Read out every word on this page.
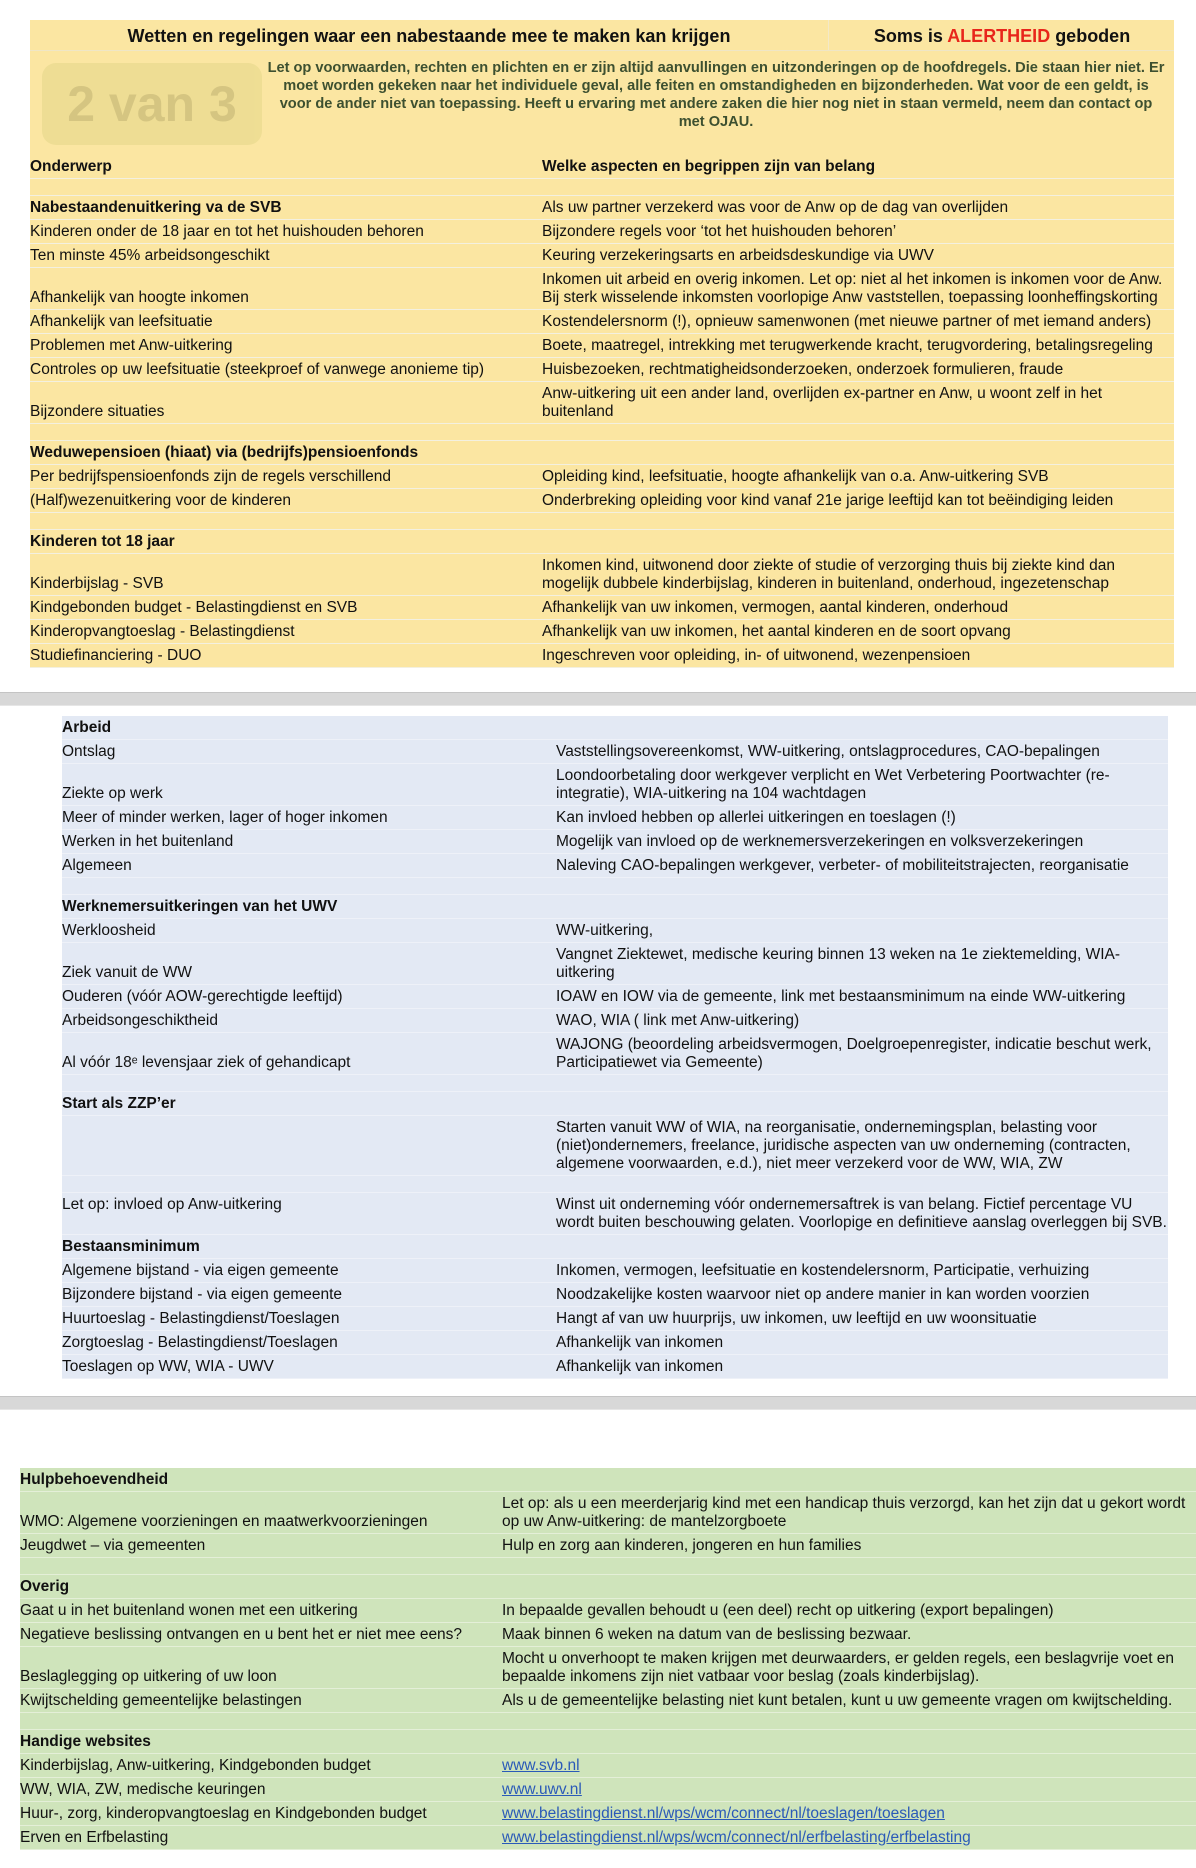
Wetten en regelingen waar een nabestaande mee te maken kan krijgen	Soms is ALERTHEID geboden
Let op voorwaarden, rechten en plichten en er zijn altijd aanvullingen en uitzonderingen op de hoofdregels. Die staan hier niet. Er moet worden gekeken naar het individuele geval, alle feiten en omstandigheden en bijzonderheden. Wat voor de een geldt, is voor de ander niet van toepassing. Heeft u ervaring met andere zaken die hier nog niet in staan vermeld, neem dan contact op met OJAU.
2 van 3
Onderwerp	Welke aspecten en begrippen zijn van belang

Nabestaandenuitkering va de SVB	Als uw partner verzekerd was voor de Anw op de dag van overlijden
Kinderen onder de 18 jaar en tot het huishouden behoren	Bijzondere regels voor ‘tot het huishouden behoren’
Ten minste 45% arbeidsongeschikt	Keuring verzekeringsarts en arbeidsdeskundige via UWV
Afhankelijk van hoogte inkomen	Inkomen uit arbeid en overig inkomen. Let op: niet al het inkomen is inkomen voor de Anw. Bij sterk wisselende inkomsten voorlopige Anw vaststellen, toepassing loonheffingskorting
Afhankelijk van leefsituatie	Kostendelersnorm (!), opnieuw samenwonen (met nieuwe partner of met iemand anders)
Problemen met Anw-uitkering	Boete, maatregel, intrekking met terugwerkende kracht, terugvordering, betalingsregeling
Controles op uw leefsituatie (steekproef of vanwege anonieme tip)	Huisbezoeken, rechtmatigheidsonderzoeken, onderzoek formulieren, fraude
Bijzondere situaties	Anw-uitkering uit een ander land, overlijden ex-partner en Anw, u woont zelf in het buitenland

Weduwepensioen (hiaat) via (bedrijfs)pensioenfonds	
Per bedrijfspensioenfonds zijn de regels verschillend	Opleiding kind, leefsituatie, hoogte afhankelijk van o.a. Anw-uitkering SVB
(Half)wezenuitkering voor de kinderen	Onderbreking opleiding voor kind vanaf 21e jarige leeftijd kan tot beëindiging leiden

Kinderen tot 18 jaar	
Kinderbijslag - SVB	Inkomen kind, uitwonend door ziekte of studie of verzorging thuis bij ziekte kind dan mogelijk dubbele kinderbijslag, kinderen in buitenland, onderhoud, ingezetenschap
Kindgebonden budget - Belastingdienst en SVB	Afhankelijk van uw inkomen, vermogen, aantal kinderen, onderhoud
Kinderopvangtoeslag - Belastingdienst	Afhankelijk van uw inkomen, het aantal kinderen en de soort opvang
Studiefinanciering - DUO	Ingeschreven voor opleiding, in- of uitwonend, wezenpensioen
Arbeid	
Ontslag	Vaststellingsovereenkomst, WW-uitkering, ontslagprocedures, CAO-bepalingen
Ziekte op werk	Loondoorbetaling door werkgever verplicht en Wet Verbetering Poortwachter (re-integratie), WIA-uitkering na 104 wachtdagen
Meer of minder werken, lager of hoger inkomen	Kan invloed hebben op allerlei uitkeringen en toeslagen (!)
Werken in het buitenland	Mogelijk van invloed op de werknemersverzekeringen en volksverzekeringen
Algemeen	Naleving CAO-bepalingen werkgever, verbeter- of mobiliteitstrajecten, reorganisatie

Werknemersuitkeringen van het UWV	
Werkloosheid	WW-uitkering,
Ziek vanuit de WW	Vangnet Ziektewet, medische keuring binnen 13 weken na 1e ziektemelding, WIA-uitkering
Ouderen (vóór AOW-gerechtigde leeftijd)	IOAW en IOW via de gemeente, link met bestaansminimum na einde WW-uitkering
Arbeidsongeschiktheid	WAO, WIA ( link met Anw-uitkering)
Al vóór 18ᵉ levensjaar ziek of gehandicapt	WAJONG (beoordeling arbeidsvermogen, Doelgroepenregister, indicatie beschut werk, Participatiewet via Gemeente)

Start als ZZP’er	
	Starten vanuit WW of WIA, na reorganisatie, ondernemingsplan, belasting voor (niet)ondernemers, freelance, juridische aspecten van uw onderneming (contracten, algemene voorwaarden, e.d.), niet meer verzekerd voor de WW, WIA, ZW

Let op: invloed op Anw-uitkering	Winst uit onderneming vóór ondernemersaftrek is van belang. Fictief percentage VU wordt buiten beschouwing gelaten. Voorlopige en definitieve aanslag overleggen bij SVB.
Bestaansminimum	
Algemene bijstand - via eigen gemeente	Inkomen, vermogen, leefsituatie en kostendelersnorm, Participatie, verhuizing
Bijzondere bijstand - via eigen gemeente	Noodzakelijke kosten waarvoor niet op andere manier in kan worden voorzien
Huurtoeslag - Belastingdienst/Toeslagen	Hangt af van uw huurprijs, uw inkomen, uw leeftijd en uw woonsituatie
Zorgtoeslag - Belastingdienst/Toeslagen	Afhankelijk van inkomen
Toeslagen op WW, WIA - UWV	Afhankelijk van inkomen
Hulpbehoevendheid	
WMO: Algemene voorzieningen en maatwerkvoorzieningen	Let op: als u een meerderjarig kind met een handicap thuis verzorgd, kan het zijn dat u gekort wordt op uw Anw-uitkering: de mantelzorgboete
Jeugdwet – via gemeenten	Hulp en zorg aan kinderen, jongeren en hun families

Overig	
Gaat u in het buitenland wonen met een uitkering	In bepaalde gevallen behoudt u (een deel) recht op uitkering (export bepalingen)
Negatieve beslissing ontvangen en u bent het er niet mee eens?	Maak binnen 6 weken na datum van de beslissing bezwaar.
Beslaglegging op uitkering of uw loon	Mocht u onverhoopt te maken krijgen met deurwaarders, er gelden regels, een beslagvrije voet en bepaalde inkomens zijn niet vatbaar voor beslag (zoals kinderbijslag).
Kwijtschelding gemeentelijke belastingen	Als u de gemeentelijke belasting niet kunt betalen, kunt u uw gemeente vragen om kwijtschelding.

Handige websites	
Kinderbijslag, Anw-uitkering, Kindgebonden budget	www.svb.nl
WW, WIA, ZW, medische keuringen	www.uwv.nl
Huur-, zorg, kinderopvangtoeslag en Kindgebonden budget	www.belastingdienst.nl/wps/wcm/connect/nl/toeslagen/toeslagen
Erven en Erfbelasting	www.belastingdienst.nl/wps/wcm/connect/nl/erfbelasting/erfbelasting
